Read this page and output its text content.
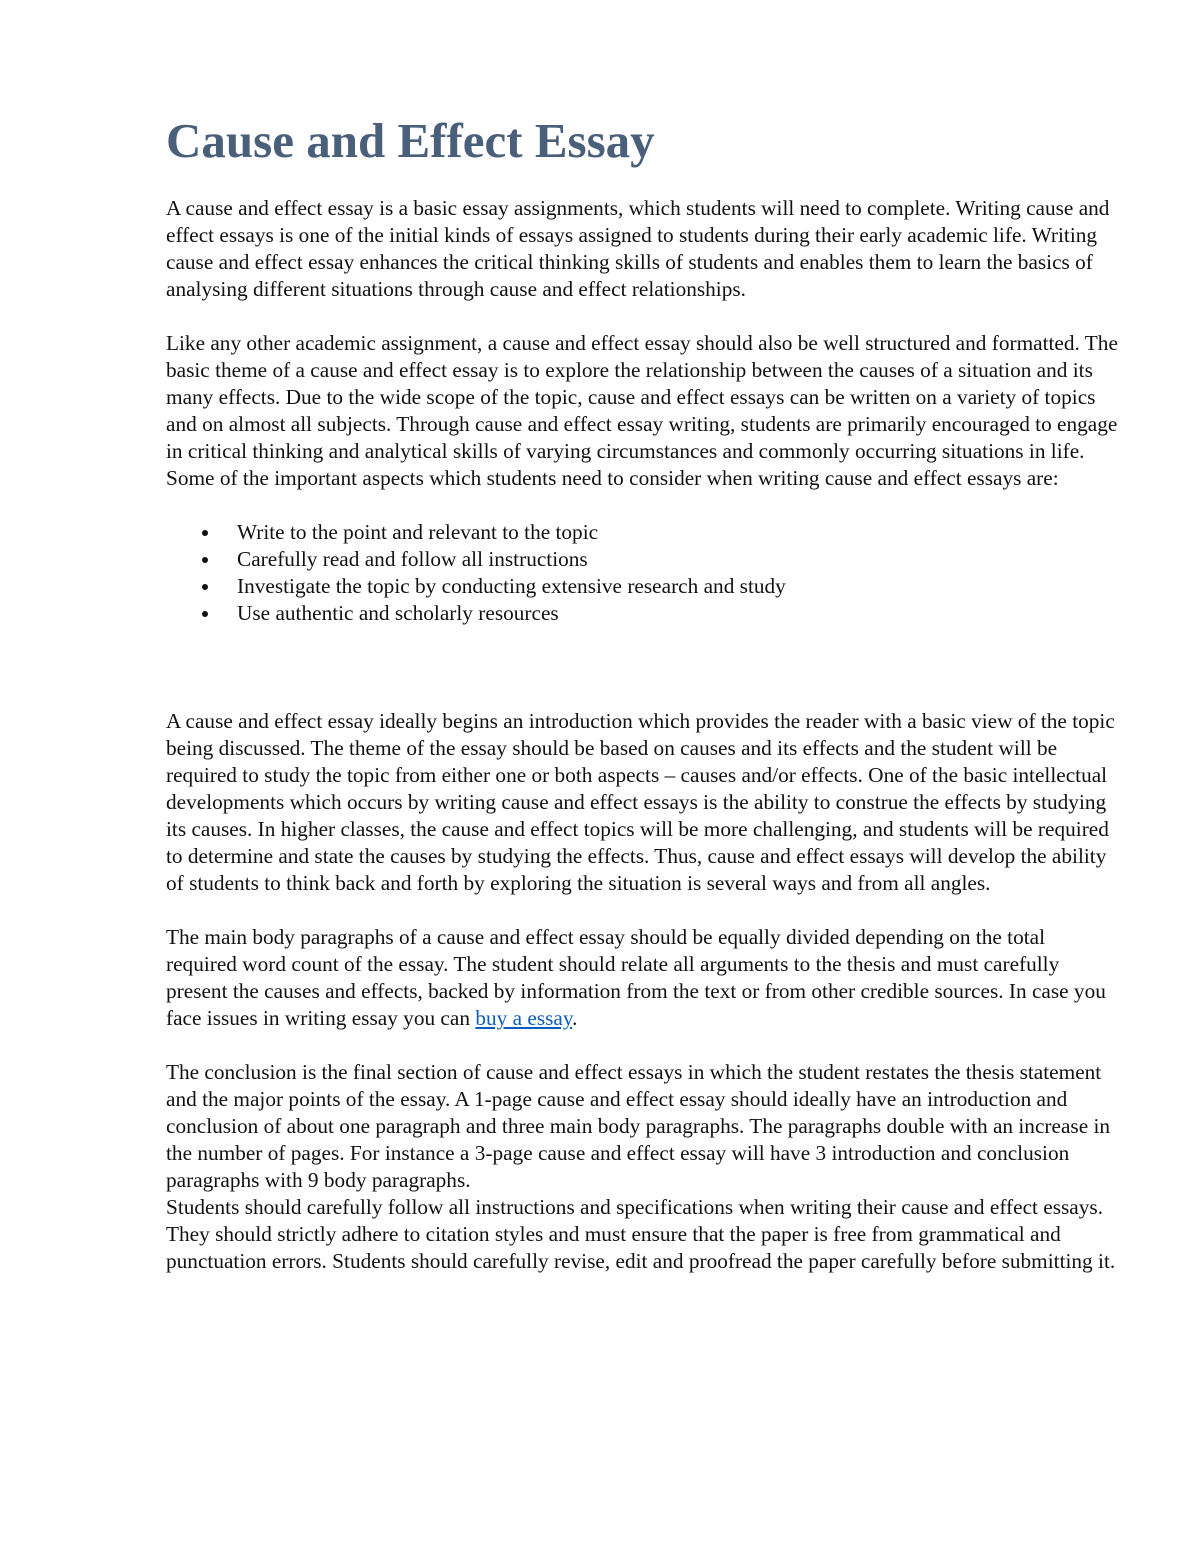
Cause and Effect Essay

A cause and effect essay is a basic essay assignments, which students will need to complete. Writing cause and effect essays is one of the initial kinds of essays assigned to students during their early academic life. Writing cause and effect essay enhances the critical thinking skills of students and enables them to learn the basics of analysing different situations through cause and effect relationships.

Like any other academic assignment, a cause and effect essay should also be well structured and formatted. The basic theme of a cause and effect essay is to explore the relationship between the causes of a situation and its many effects. Due to the wide scope of the topic, cause and effect essays can be written on a variety of topics and on almost all subjects. Through cause and effect essay writing, students are primarily encouraged to engage in critical thinking and analytical skills of varying circumstances and commonly occurring situations in life.

Some of the important aspects which students need to consider when writing cause and effect essays are:

Write to the point and relevant to the topic
Carefully read and follow all instructions
Investigate the topic by conducting extensive research and study
Use authentic and scholarly resources

A cause and effect essay ideally begins an introduction which provides the reader with a basic view of the topic being discussed. The theme of the essay should be based on causes and its effects and the student will be required to study the topic from either one or both aspects – causes and/or effects. One of the basic intellectual developments which occurs by writing cause and effect essays is the ability to construe the effects by studying its causes. In higher classes, the cause and effect topics will be more challenging, and students will be required to determine and state the causes by studying the effects. Thus, cause and effect essays will develop the ability of students to think back and forth by exploring the situation is several ways and from all angles.

The main body paragraphs of a cause and effect essay should be equally divided depending on the total required word count of the essay. The student should relate all arguments to the thesis and must carefully present the causes and effects, backed by information from the text or from other credible sources. In case you face issues in writing essay you can buy a essay.

The conclusion is the final section of cause and effect essays in which the student restates the thesis statement and the major points of the essay. A 1-page cause and effect essay should ideally have an introduction and conclusion of about one paragraph and three main body paragraphs. The paragraphs double with an increase in the number of pages. For instance a 3-page cause and effect essay will have 3 introduction and conclusion paragraphs with 9 body paragraphs.

Students should carefully follow all instructions and specifications when writing their cause and effect essays. They should strictly adhere to citation styles and must ensure that the paper is free from grammatical and punctuation errors. Students should carefully revise, edit and proofread the paper carefully before submitting it.
